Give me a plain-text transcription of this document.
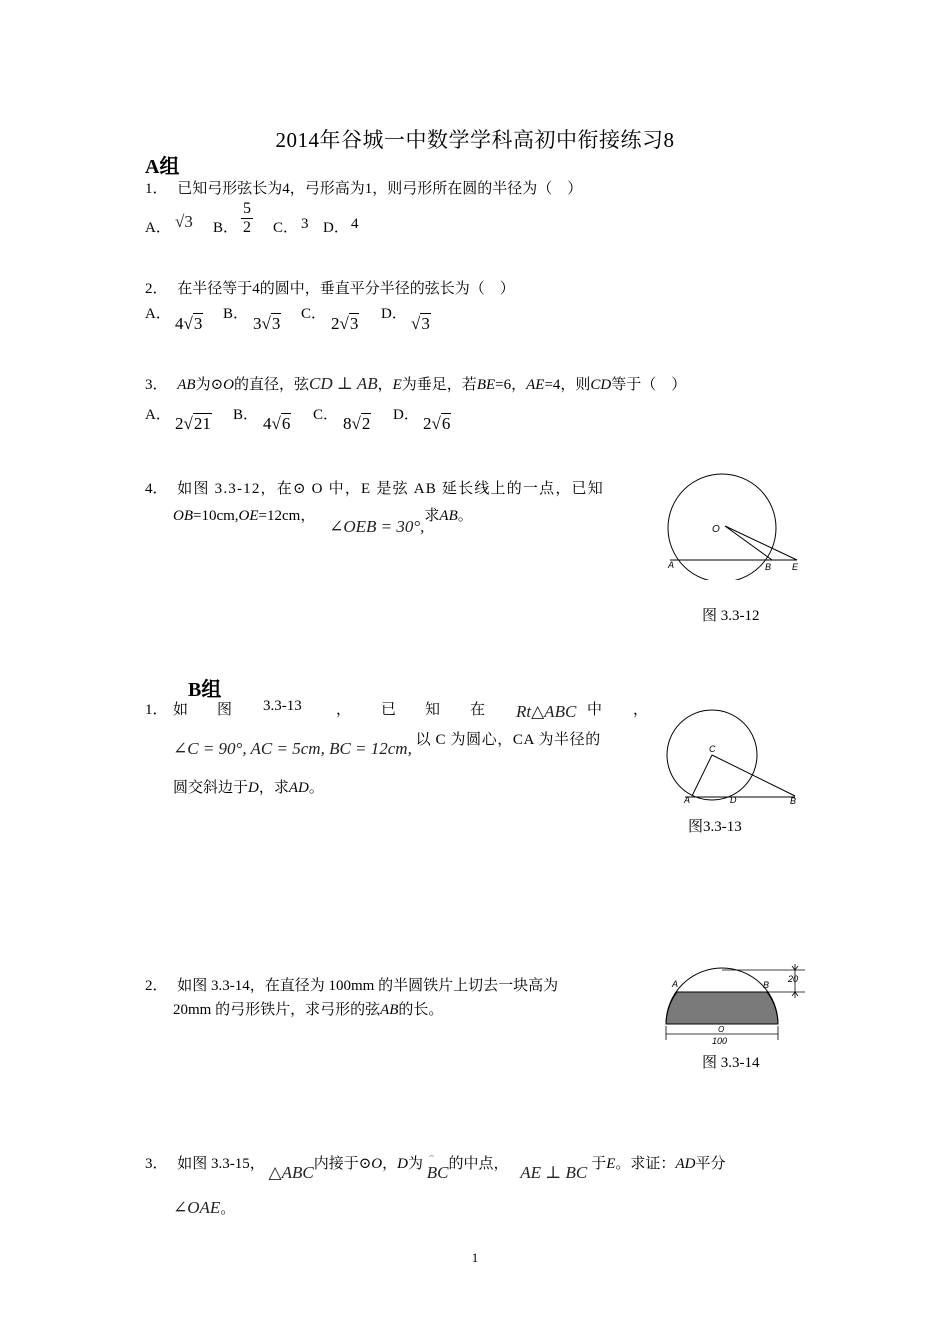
2014年谷城一中数学学科高初中衔接练习8
A组
1． 已知弓形弦长为4，弓形高为1，则弓形所在圆的半径为（　）
A． √3 B． $\frac{5}{2}$ C． 3 D． 4
2． 在半径等于4的圆中，垂直平分半径的弦长为（　）
A． 4√3 B． 3√3 C． 2√3 D． √3
3． AB为⊙O的直径，弦CD ⊥ AB，E为垂足，若BE=6，AE=4，则CD等于（　）
A． 2√21 B． 4√6 C． 8√2 D． 2√6
4． 如图 3.3-12，在⊙ O 中，E 是弦 AB 延长线上的一点，已知
OB=10cm,OE=12cm， ∠OEB = 30°,求AB。
O
A	B E
图 3.3-12
B组
1． 如 图 3.3-13 ， 已 知 在 Rt△ABC 中 ，
∠C = 90°, AC = 5cm, BC = 12cm, 以 C 为圆心，CA 为半径的
圆交斜边于D，求AD。
C
A	D	B
图3.3-13
2． 如图 3.3-14，在直径为 100mm 的半圆铁片上切去一块高为
20mm 的弓形铁片，求弓形的弦AB的长。
A	B
O
20
100
图 3.3-14
3． 如图 3.3-15， △ABC内接于⊙O，D为
⌢
BC的中点， AE ⊥ BC 于E。求证：AD平分
∠OAE。
1
